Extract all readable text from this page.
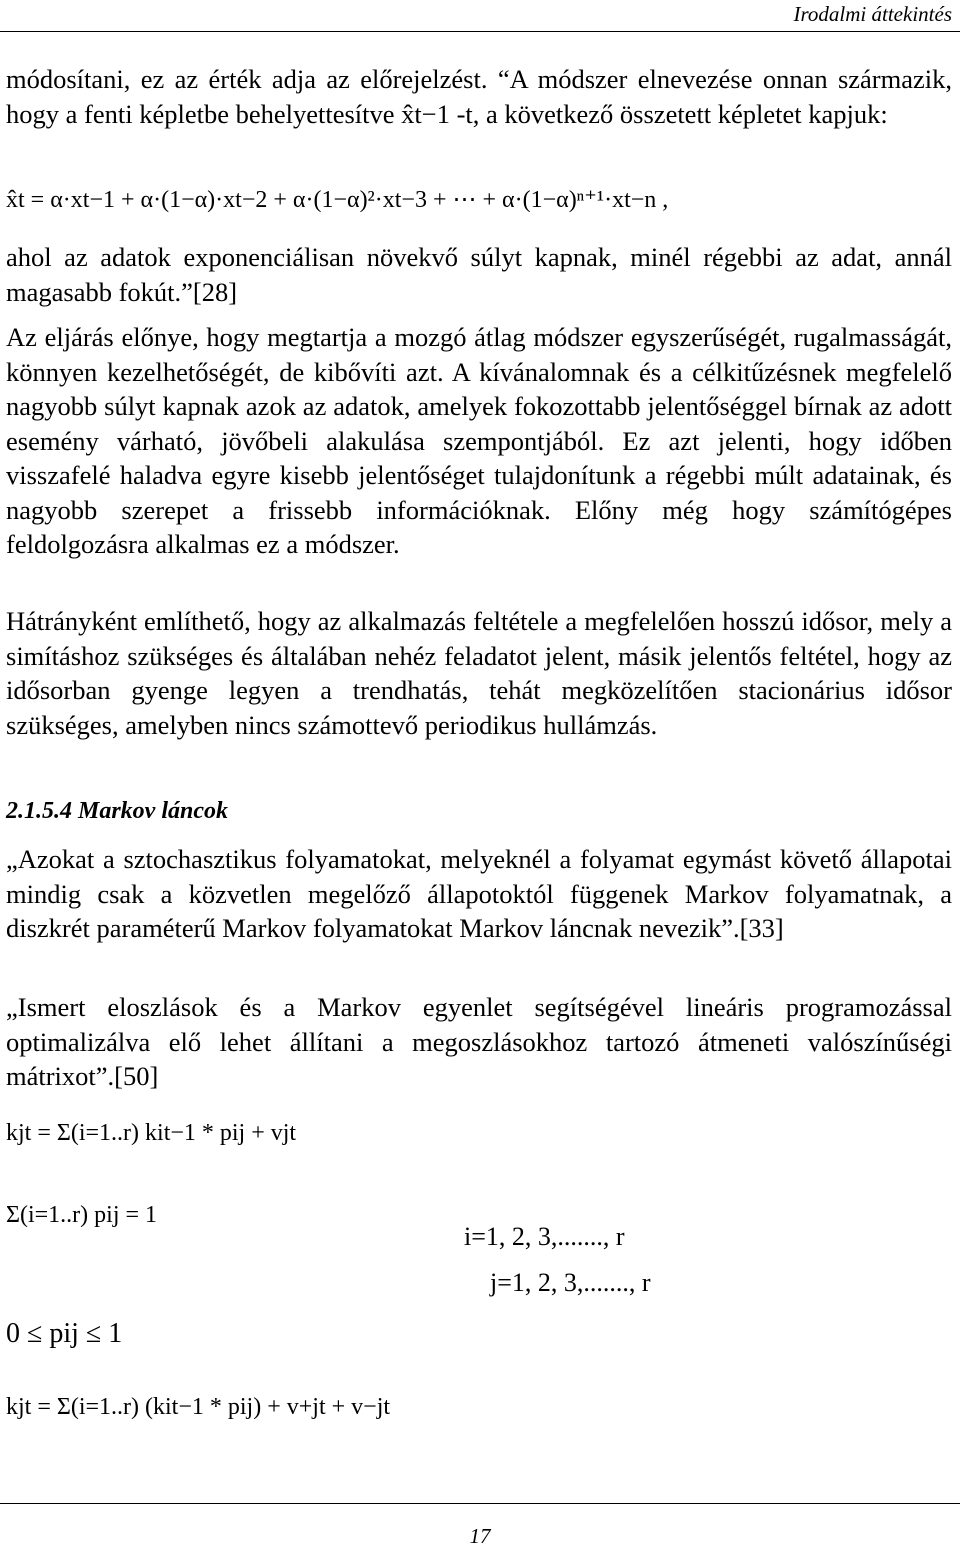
Irodalmi áttekintés

módosítani, ez az érték adja az előrejelzést. “A módszer elnevezése onnan származik, hogy a fenti képletbe behelyettesítve x̂t−1 -t, a következő összetett képletet kapjuk:

x̂t = α·xt−1 + α·(1−α)·xt−2 + α·(1−α)²·xt−3 + ⋯ + α·(1−α)ⁿ⁺¹·xt−n ,

ahol az adatok exponenciálisan növekvő súlyt kapnak, minél régebbi az adat, annál magasabb fokút.”[28]

Az eljárás előnye, hogy megtartja a mozgó átlag módszer egyszerűségét, rugalmasságát, könnyen kezelhetőségét, de kibővíti azt. A kívánalomnak és a célkitűzésnek megfelelő nagyobb súlyt kapnak azok az adatok, amelyek fokozottabb jelentőséggel bírnak az adott esemény várható, jövőbeli alakulása szempontjából. Ez azt jelenti, hogy időben visszafelé haladva egyre kisebb jelentőséget tulajdonítunk a régebbi múlt adatainak, és nagyobb szerepet a frissebb információknak. Előny még hogy számítógépes feldolgozásra alkalmas ez a módszer.

Hátrányként említhető, hogy az alkalmazás feltétele a megfelelően hosszú idősor, mely a simításhoz szükséges és általában nehéz feladatot jelent, másik jelentős feltétel, hogy az idősorban gyenge legyen a trendhatás, tehát megközelítően stacionárius idősor szükséges, amelyben nincs számottevő periodikus hullámzás.

2.1.5.4 Markov láncok

„Azokat a sztochasztikus folyamatokat, melyeknél a folyamat egymást követő állapotai mindig csak a közvetlen megelőző állapotoktól függenek Markov folyamatnak, a diszkrét paraméterű Markov folyamatokat Markov láncnak nevezik”.[33]

„Ismert eloszlások és a Markov egyenlet segítségével lineáris programozással optimalizálva elő lehet állítani a megoszlásokhoz tartozó átmeneti valószínűségi mátrixot”.[50]

kjt = Σ(i=1..r) kit−1 * pij + vjt
Σ(i=1..r) pij = 1
i=1, 2, 3,......., r
j=1, 2, 3,......., r
0 ≤ pij ≤ 1
kjt = Σ(i=1..r) (kit−1 * pij) + v+jt + v−jt
17
